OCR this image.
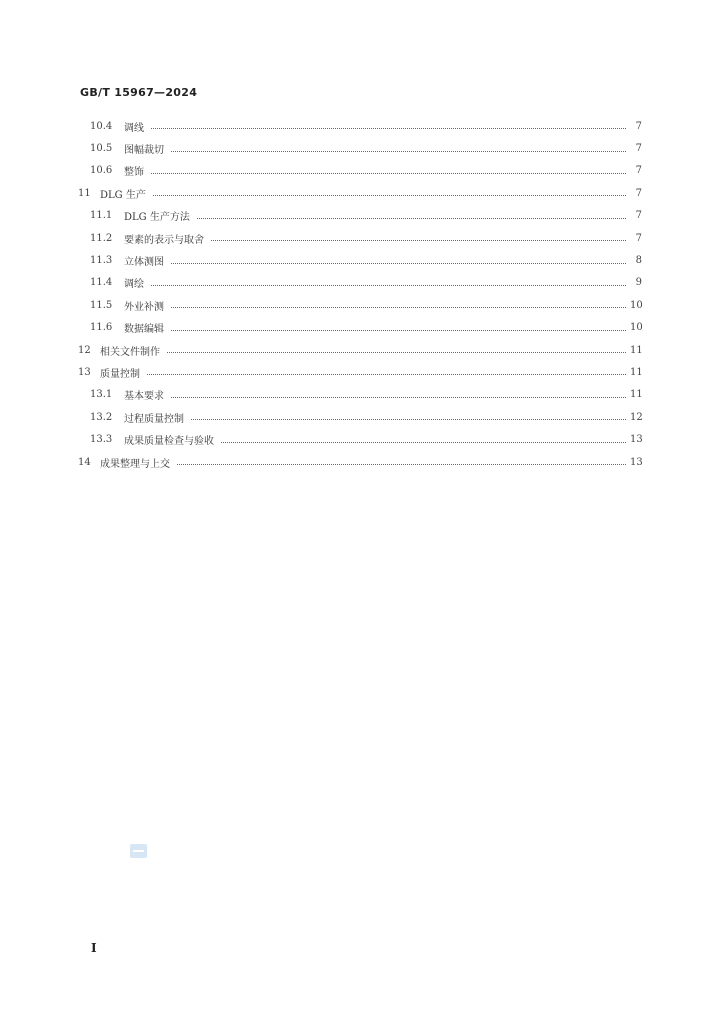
GB/T 15967—2024
10.4	调线	7
10.5	图幅裁切	7
10.6	整饰	7
11 DLG 生产	7
11.1	DLG 生产方法	7
11.2	要素的表示与取舍	7
11.3	立体测图	8
11.4	调绘	9
11.5	外业补测	10
11.6	数据编辑	10
12 相关文件制作	11
13 质量控制	11
13.1	基本要求	11
13.2	过程质量控制	12
13.3	成果质量检查与验收	13
14 成果整理与上交	13
I
